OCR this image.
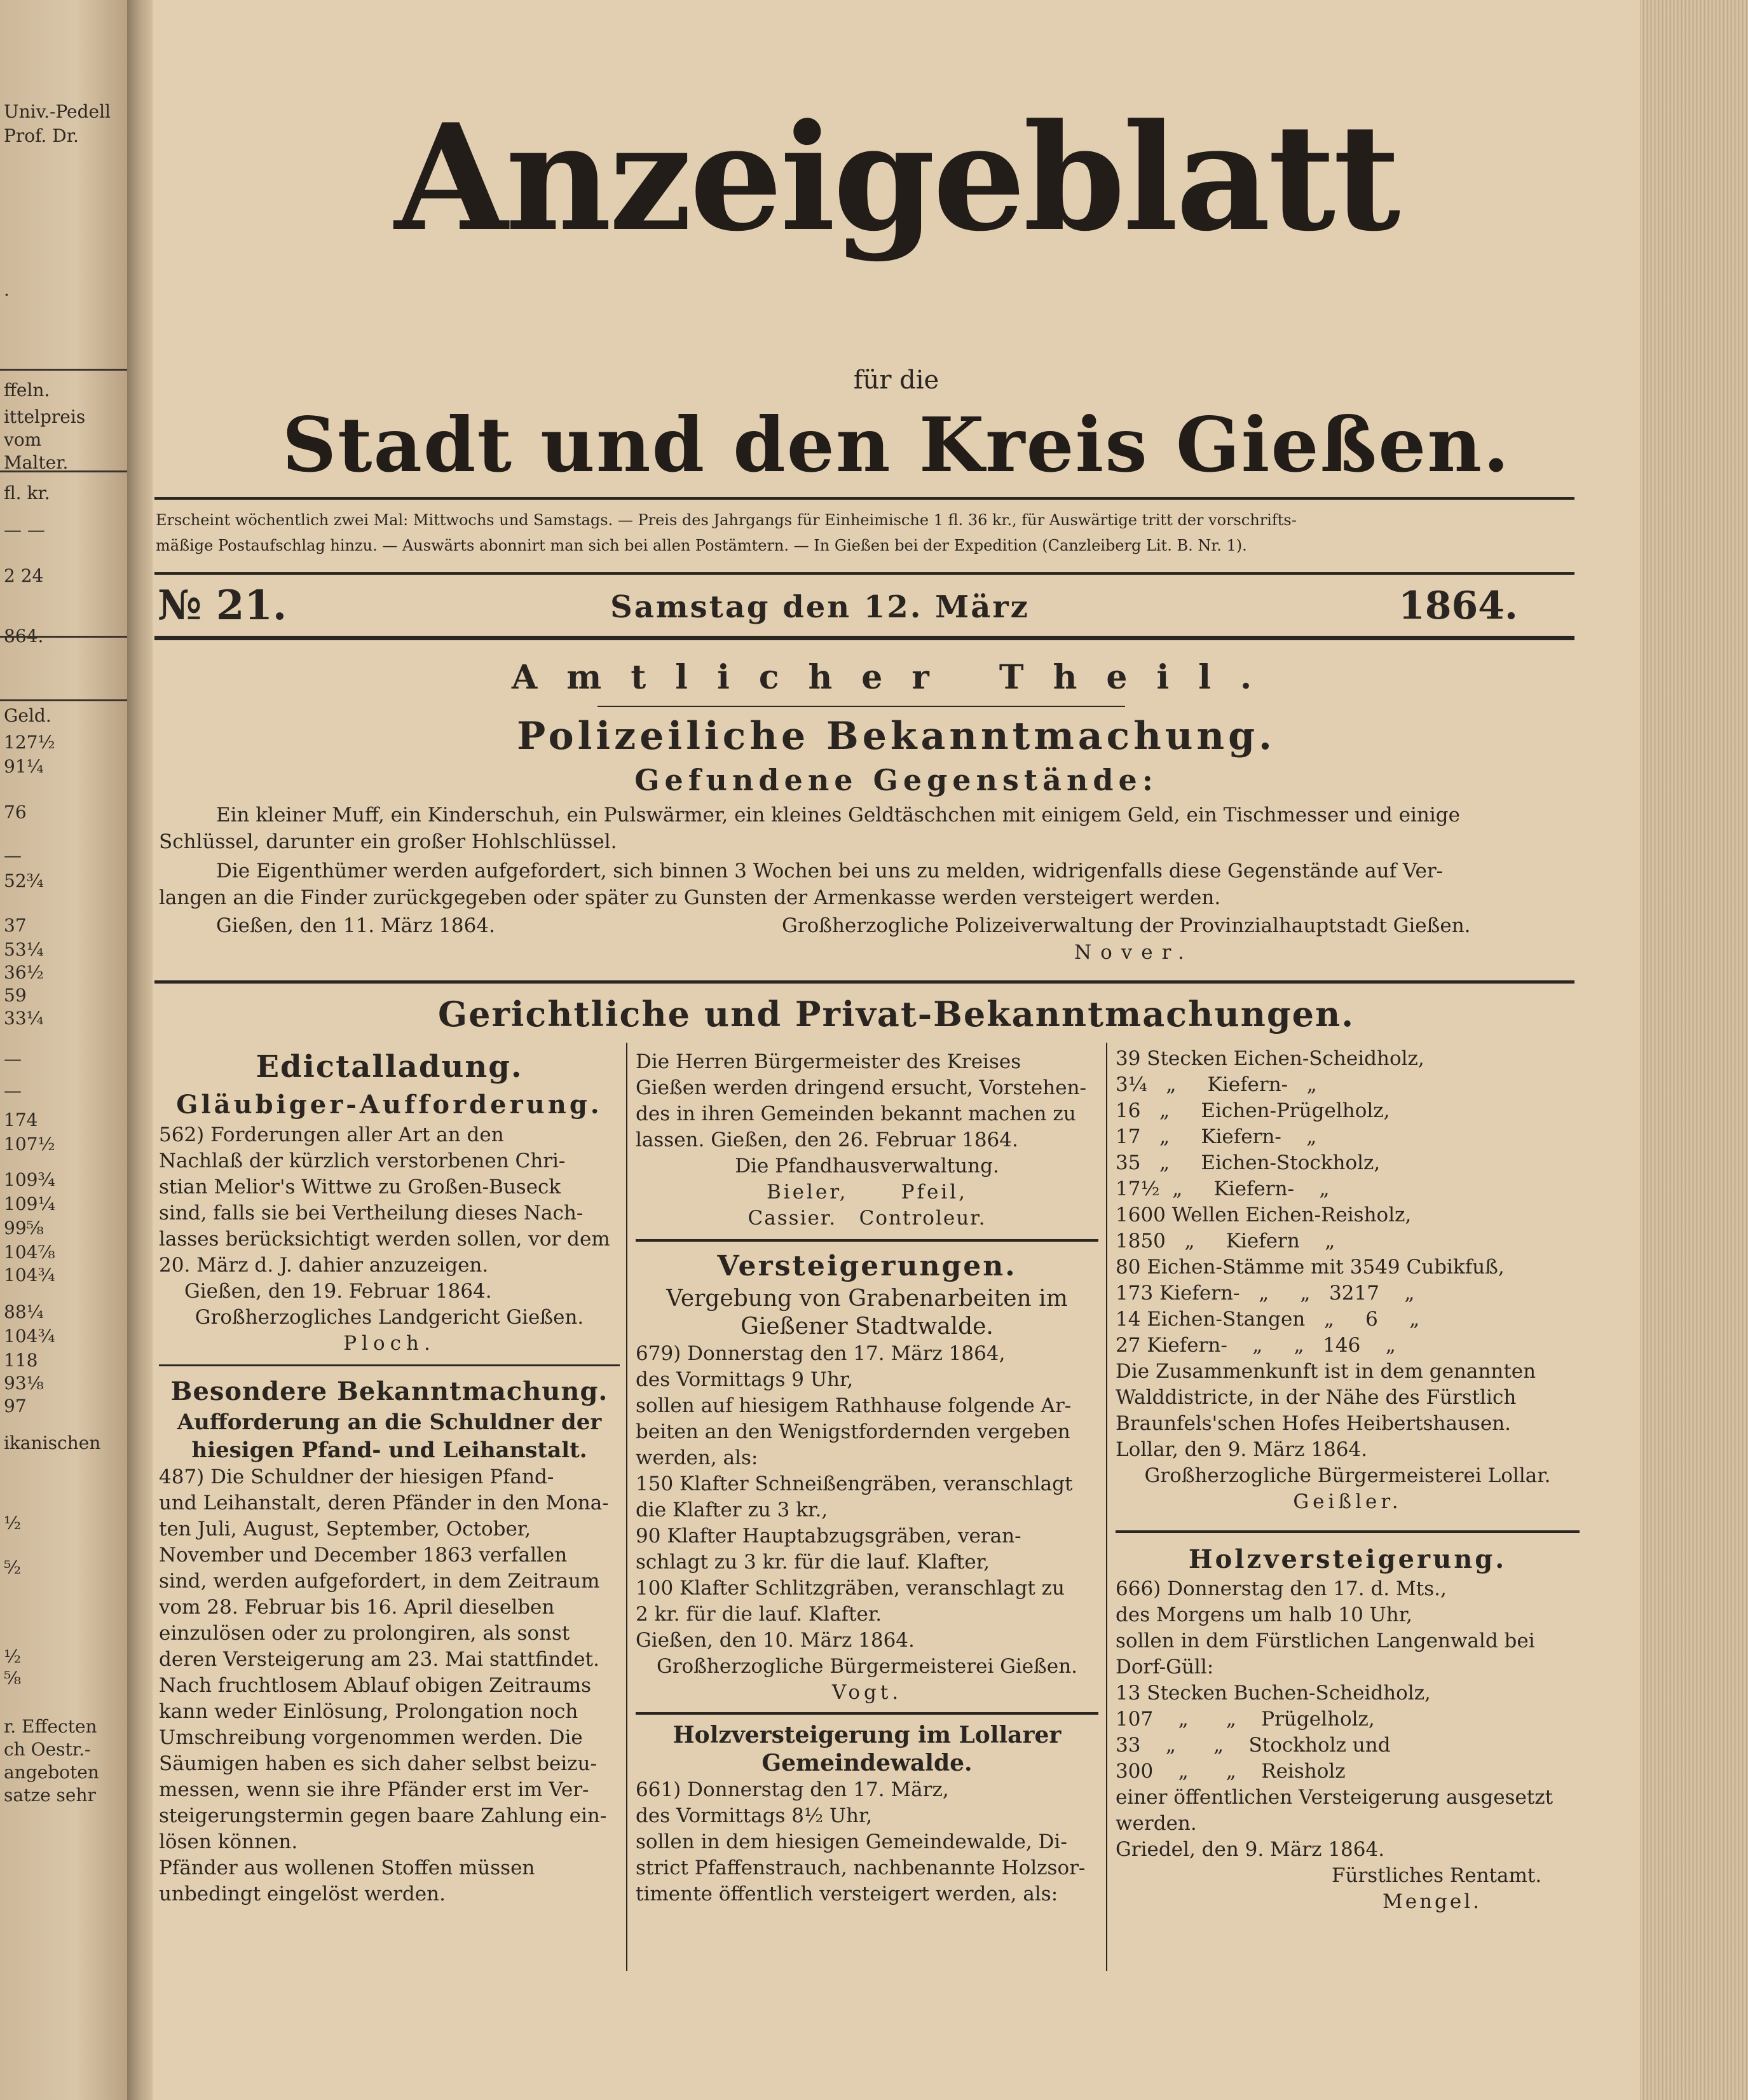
Univ.-Pedell
Prof. Dr.
.
ffeln.
ittelpreis
vom
Malter.
fl. kr.
— —
2 24
864.
Geld.
127½
91¼
76
—
52¾
37
53¼
36½
59
33¼
—
—
174
107½
109¾
109¼
99⅝
104⅞
104¾
88¼
104¾
118
93⅛
97
ikanischen
¹⁄₂
⁵⁄₂
¹⁄₂
⁵⁄₈
r. Effecten
ch Oestr.-
angeboten
satze sehr
Anzeigeblatt
für die
Stadt und den Kreis Gießen.
Erscheint wöchentlich zwei Mal: Mittwochs und Samstags. — Preis des Jahrgangs für Einheimische 1 fl. 36 kr., für Auswärtige tritt der vorschrifts-
mäßige Postaufschlag hinzu. — Auswärts abonnirt man sich bei allen Postämtern. — In Gießen bei der Expedition (Canzleiberg Lit. B. Nr. 1).
№ 21.	Samstag den 12. März	1864.
Amtlicher Theil.
Polizeiliche Bekanntmachung.
Gefundene Gegenstände:
Ein kleiner Muff, ein Kinderschuh, ein Pulswärmer, ein kleines Geldtäschchen mit einigem Geld, ein Tischmesser und einige
Schlüssel, darunter ein großer Hohlschlüssel.
Die Eigenthümer werden aufgefordert, sich binnen 3 Wochen bei uns zu melden, widrigenfalls diese Gegenstände auf Ver-
langen an die Finder zurückgegeben oder später zu Gunsten der Armenkasse werden versteigert werden.
Gießen, den 11. März 1864.	Großherzogliche Polizeiverwaltung der Provinzialhauptstadt Gießen.
Nover.
Gerichtliche und Privat-Bekanntmachungen.
Edictalladung.
Gläubiger-Aufforderung.

562) Forderungen aller Art an den

Nachlaß der kürzlich verstorbenen Chri-

stian Melior's Wittwe zu Großen-Buseck

sind, falls sie bei Vertheilung dieses Nach-

lasses berücksichtigt werden sollen, vor dem

20. März d. J. dahier anzuzeigen.

Gießen, den 19. Februar 1864.
Großherzogliches Landgericht Gießen.
Ploch.
Besondere Bekanntmachung.
Aufforderung an die Schuldner der
hiesigen Pfand- und Leihanstalt.

487) Die Schuldner der hiesigen Pfand-

und Leihanstalt, deren Pfänder in den Mona-

ten Juli, August, September, October,

November und December 1863 verfallen

sind, werden aufgefordert, in dem Zeitraum

vom 28. Februar bis 16. April dieselben

einzulösen oder zu prolongiren, als sonst

deren Versteigerung am 23. Mai stattfindet.

Nach fruchtlosem Ablauf obigen Zeitraums

kann weder Einlösung, Prolongation noch

Umschreibung vorgenommen werden. Die

Säumigen haben es sich daher selbst beizu-

messen, wenn sie ihre Pfänder erst im Ver-

steigerungstermin gegen baare Zahlung ein-

lösen können.

Pfänder aus wollenen Stoffen müssen

unbedingt eingelöst werden.

Die Herren Bürgermeister des Kreises

Gießen werden dringend ersucht, Vorstehen-

des in ihren Gemeinden bekannt machen zu

lassen. Gießen, den 26. Februar 1864.

Die Pfandhausverwaltung.
Bieler,      Pfeil,
Cassier.   Controleur.
Versteigerungen.
Vergebung von Grabenarbeiten im Gießener Stadtwalde.

679) Donnerstag den 17. März 1864,

des Vormittags 9 Uhr,

sollen auf hiesigem Rathhause folgende Ar-

beiten an den Wenigstfordernden vergeben

werden, als:

150 Klafter Schneißengräben, veranschlagt

die Klafter zu 3 kr.,

90 Klafter Hauptabzugsgräben, veran-

schlagt zu 3 kr. für die lauf. Klafter,

100 Klafter Schlitzgräben, veranschlagt zu

2 kr. für die lauf. Klafter.

Gießen, den 10. März 1864.

Großherzogliche Bürgermeisterei Gießen.
Vogt.
Holzversteigerung im Lollarer Gemeindewalde.

661) Donnerstag den 17. März,

des Vormittags 8½ Uhr,

sollen in dem hiesigen Gemeindewalde, Di-

strict Pfaffenstrauch, nachbenannte Holzsor-

timente öffentlich versteigert werden, als:

39 Stecken Eichen-Scheidholz,

3¼   „     Kiefern-   „

16   „     Eichen-Prügelholz,

17   „     Kiefern-    „

35   „     Eichen-Stockholz,

17½  „     Kiefern-    „

1600 Wellen Eichen-Reisholz,

1850   „     Kiefern    „

80 Eichen-Stämme mit 3549 Cubikfuß,

173 Kiefern-   „     „   3217    „

14 Eichen-Stangen   „     6     „

27 Kiefern-    „     „   146    „

Die Zusammenkunft ist in dem genannten

Walddistricte, in der Nähe des Fürstlich

Braunfels'schen Hofes Heibertshausen.

Lollar, den 9. März 1864.

Großherzogliche Bürgermeisterei Lollar.
Geißler.
Holzversteigerung.

666) Donnerstag den 17. d. Mts.,

des Morgens um halb 10 Uhr,

sollen in dem Fürstlichen Langenwald bei

Dorf-Güll:

13 Stecken Buchen-Scheidholz,

107    „      „    Prügelholz,

33    „      „    Stockholz und

300    „      „    Reisholz

einer öffentlichen Versteigerung ausgesetzt

werden.

Griedel, den 9. März 1864.

Fürstliches Rentamt.
Mengel.
